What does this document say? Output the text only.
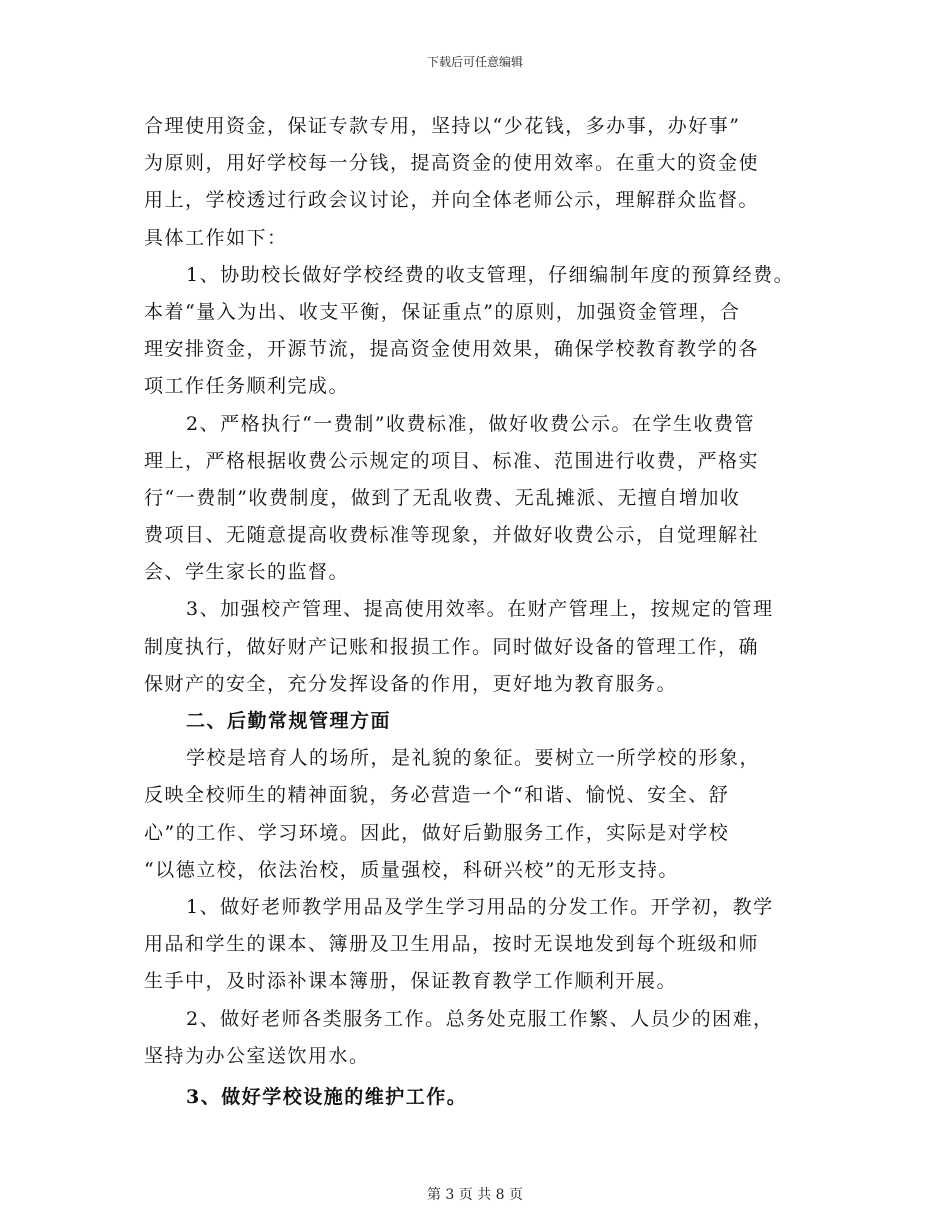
下载后可任意编辑
合理使用资金，保证专款专用，坚持以“少花钱，多办事，办好事”
为原则，用好学校每一分钱，提高资金的使用效率。在重大的资金使
用上，学校透过行政会议讨论，并向全体老师公示，理解群众监督。
具体工作如下：
1、协助校长做好学校经费的收支管理，仔细编制年度的预算经费。
本着“量入为出、收支平衡，保证重点”的原则，加强资金管理，合
理安排资金，开源节流，提高资金使用效果，确保学校教育教学的各
项工作任务顺利完成。
2、严格执行“一费制”收费标准，做好收费公示。在学生收费管
理上，严格根据收费公示规定的项目、标准、范围进行收费，严格实
行“一费制”收费制度，做到了无乱收费、无乱摊派、无擅自增加收
费项目、无随意提高收费标准等现象，并做好收费公示，自觉理解社
会、学生家长的监督。
3、加强校产管理、提高使用效率。在财产管理上，按规定的管理
制度执行，做好财产记账和报损工作。同时做好设备的管理工作，确
保财产的安全，充分发挥设备的作用，更好地为教育服务。
二、后勤常规管理方面
学校是培育人的场所，是礼貌的象征。要树立一所学校的形象，
反映全校师生的精神面貌，务必营造一个“和谐、愉悦、安全、舒
心”的工作、学习环境。因此，做好后勤服务工作，实际是对学校
“以德立校，依法治校，质量强校，科研兴校”的无形支持。
1、做好老师教学用品及学生学习用品的分发工作。开学初，教学
用品和学生的课本、簿册及卫生用品，按时无误地发到每个班级和师
生手中，及时添补课本簿册，保证教育教学工作顺利开展。
2、做好老师各类服务工作。总务处克服工作繁、人员少的困难，
坚持为办公室送饮用水。
3、做好学校设施的维护工作。
第 3 页 共 8 页
